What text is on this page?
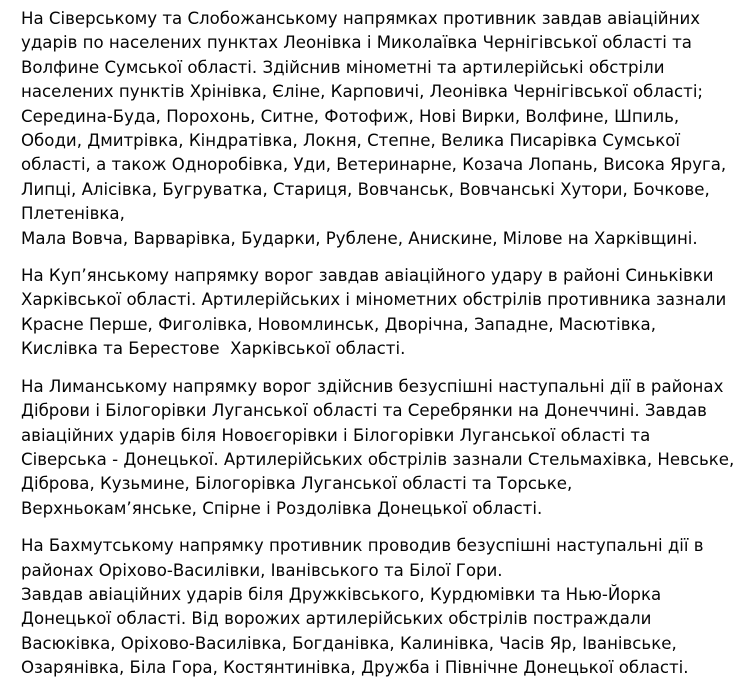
На Сіверському та Слобожанському напрямках противник завдав авіаційних
ударів по населених пунктах Леонівка і Миколаївка Чернігівської області та
Волфине Сумської області. Здійснив мінометні та артилерійські обстріли
населених пунктів Хрінівка, Єліне, Карповичі, Леонівка Чернігівської області;
Середина-Буда, Порохонь, Ситне, Фотофиж, Нові Вирки, Волфине, Шпиль,
Ободи, Дмитрівка, Кіндратівка, Локня, Степне, Велика Писарівка Сумської
області, а також Одноробівка, Уди, Ветеринарне, Козача Лопань, Висока Яруга,
Липці, Алісівка, Бугруватка, Стариця, Вовчанськ, Вовчанські Хутори, Бочкове,
Плетенівка,
Мала Вовча, Варварівка, Бударки, Рублене, Анискине, Мілове на Харківщині.
На Куп’янському напрямку ворог завдав авіаційного удару в районі Синьківки
Харківської області. Артилерійських і мінометних обстрілів противника зазнали
Красне Перше, Фиголівка, Новомлинськ, Дворічна, Западне, Масютівка,
Кислівка та Берестове  Харківської області.
На Лиманському напрямку ворог здійснив безуспішні наступальні дії в районах
Діброви і Білогорівки Луганської області та Серебрянки на Донеччині. Завдав
авіаційних ударів біля Новоєгорівки і Білогорівки Луганської області та
Сіверська - Донецької. Артилерійських обстрілів зазнали Стельмахівка, Невське,
Діброва, Кузьмине, Білогорівка Луганської області та Торське,
Верхньокам’янське, Спірне і Роздолівка Донецької області.
На Бахмутському напрямку противник проводив безуспішні наступальні дії в
районах Оріхово-Василівки, Іванівського та Білої Гори.
Завдав авіаційних ударів біля Дружківського, Курдюмівки та Нью-Йорка
Донецької області. Від ворожих артилерійських обстрілів постраждали
Васюківка, Оріхово-Василівка, Богданівка, Калинівка, Часів Яр, Іванівське,
Озарянівка, Біла Гора, Костянтинівка, Дружба і Північне Донецької області.
